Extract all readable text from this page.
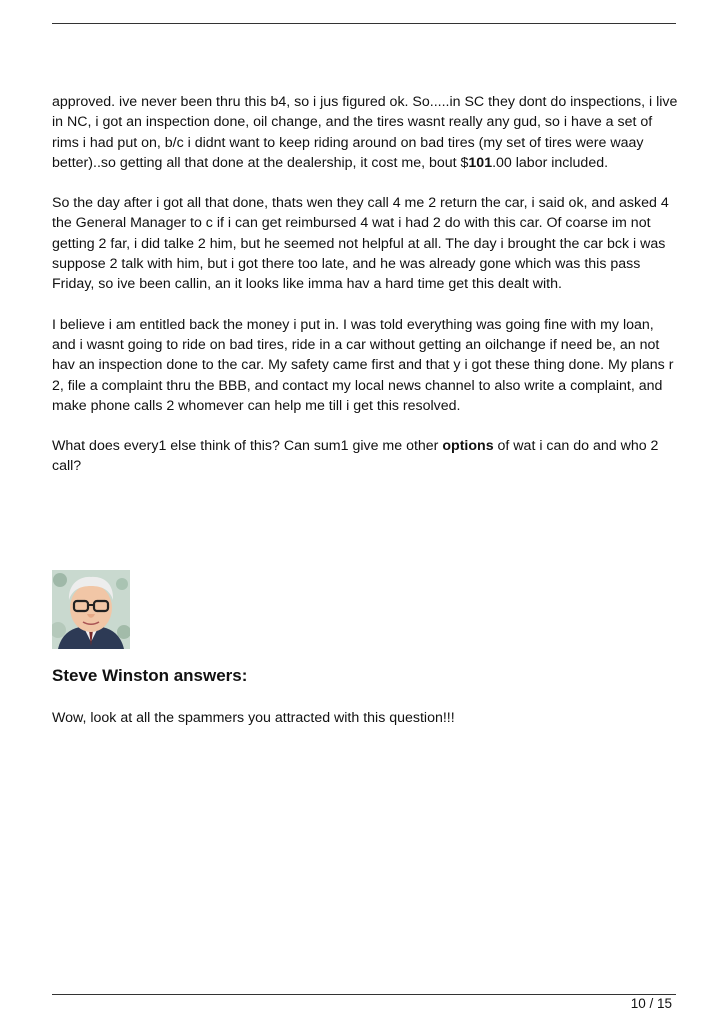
approved. ive never been thru this b4, so i jus figured ok. So.....in SC they dont do inspections, i live in NC, i got an inspection done, oil change, and the tires wasnt really any gud, so i have a set of rims i had put on, b/c i didnt want to keep riding around on bad tires (my set of tires were waay better)..so getting all that done at the dealership, it cost me, bout $101.00 labor included.

So the day after i got all that done, thats wen they call 4 me 2 return the car, i said ok, and asked 4 the General Manager to c if i can get reimbursed 4 wat i had 2 do with this car. Of coarse im not getting 2 far, i did talke 2 him, but he seemed not helpful at all. The day i brought the car bck i was suppose 2 talk with him, but i got there too late, and he was already gone which was this pass Friday, so ive been callin, an it looks like imma hav a hard time get this dealt with.

I believe i am entitled back the money i put in. I was told everything was going fine with my loan, and i wasnt going to ride on bad tires, ride in a car without getting an oilchange if need be, an not hav an inspection done to the car. My safety came first and that y i got these thing done. My plans r 2, file a complaint thru the BBB, and contact my local news channel to also write a complaint, and make phone calls 2 whomever can help me till i get this resolved.

What does every1 else think of this? Can sum1 give me other options of wat i can do and who 2 call?

Steve Winston answers:
Wow, look at all the spammers you attracted with this question!!!
10 / 15
